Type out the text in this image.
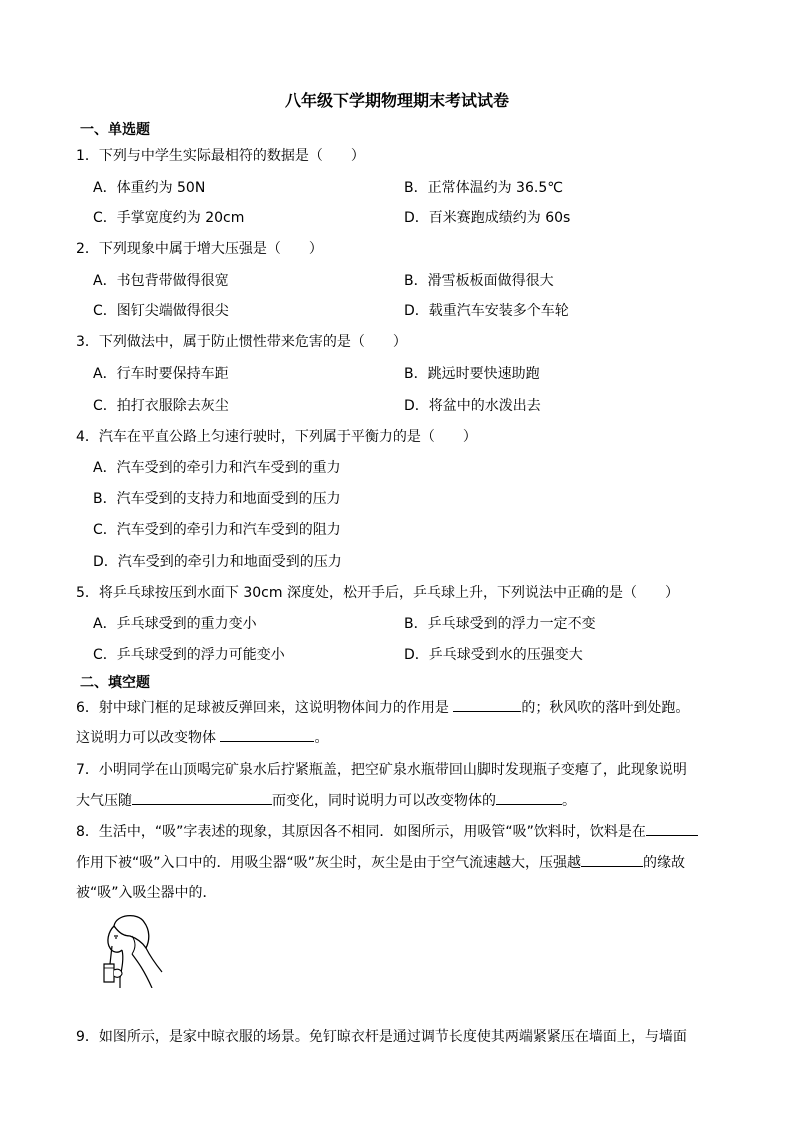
八年级下学期物理期末考试试卷
一、单选题
1．下列与中学生实际最相符的数据是（　　）
A．体重约为 50N	B．正常体温约为 36.5℃
C．手掌宽度约为 20cm	D．百米赛跑成绩约为 60s
2．下列现象中属于增大压强是（　　）
A．书包背带做得很宽	B．滑雪板板面做得很大
C．图钉尖端做得很尖	D．载重汽车安装多个车轮
3．下列做法中，属于防止惯性带来危害的是（　　）
A．行车时要保持车距	B．跳远时要快速助跑
C．拍打衣服除去灰尘	D．将盆中的水泼出去
4．汽车在平直公路上匀速行驶时，下列属于平衡力的是（　　）
A．汽车受到的牵引力和汽车受到的重力
B．汽车受到的支持力和地面受到的压力
C．汽车受到的牵引力和汽车受到的阻力
D．汽车受到的牵引力和地面受到的压力
5．将乒乓球按压到水面下 30cm 深度处，松开手后，乒乓球上升，下列说法中正确的是（　　）
A．乒乓球受到的重力变小	B．乒乓球受到的浮力一定不变
C．乒乓球受到的浮力可能变小	D．乒乓球受到水的压强变大
二、填空题
6．射中球门框的足球被反弹回来，这说明物体间力的作用是	的；秋风吹的落叶到处跑。
这说明力可以改变物体	。
7．小明同学在山顶喝完矿泉水后拧紧瓶盖，把空矿泉水瓶带回山脚时发现瓶子变瘪了，此现象说明
大气压随	而变化，同时说明力可以改变物体的	。
8．生活中，“吸”字表述的现象，其原因各不相同．如图所示，用吸管“吸”饮料时，饮料是在
作用下被“吸”入口中的．用吸尘器“吸”灰尘时，灰尘是由于空气流速越大，压强越	的缘故
被“吸”入吸尘器中的．
9．如图所示，是家中晾衣服的场景。免钉晾衣杆是通过调节长度使其两端紧紧压在墙面上，与墙面
